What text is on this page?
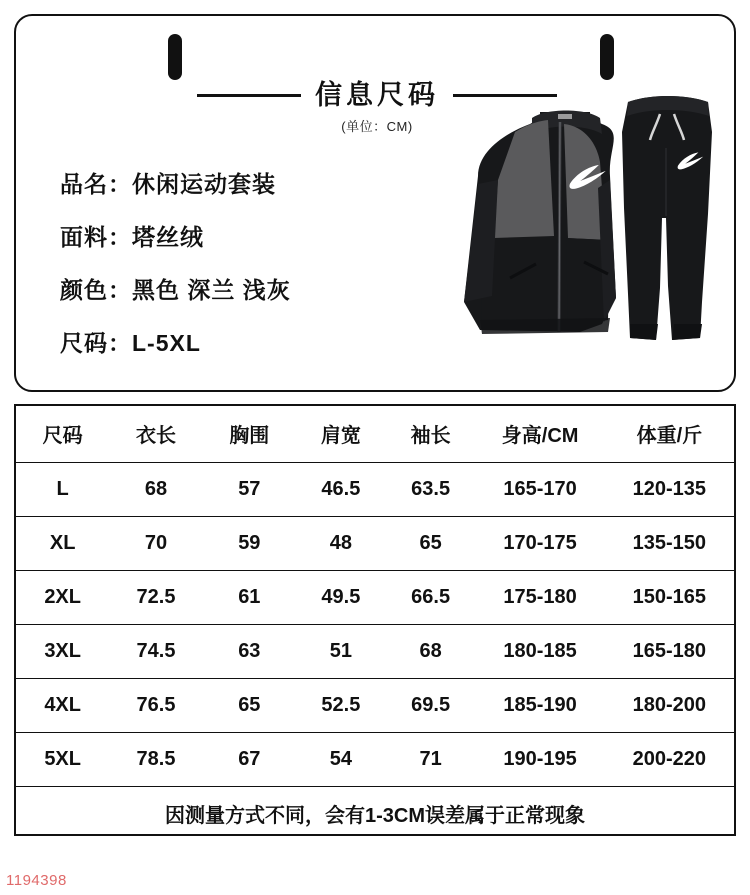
信息尺码
(单位：CM)
品名：休闲运动套装
面料：塔丝绒
颜色：黑色 深兰 浅灰
尺码：L-5XL
尺码	衣长	胸围	肩宽	袖长	身高/CM	体重/斤
L	68	57	46.5	63.5	165-170	120-135
XL	70	59	48	65	170-175	135-150
2XL	72.5	61	49.5	66.5	175-180	150-165
3XL	74.5	63	51	68	180-185	165-180
4XL	76.5	65	52.5	69.5	185-190	180-200
5XL	78.5	67	54	71	190-195	200-220
因测量方式不同，会有1-3CM误差属于正常现象						
1194398
